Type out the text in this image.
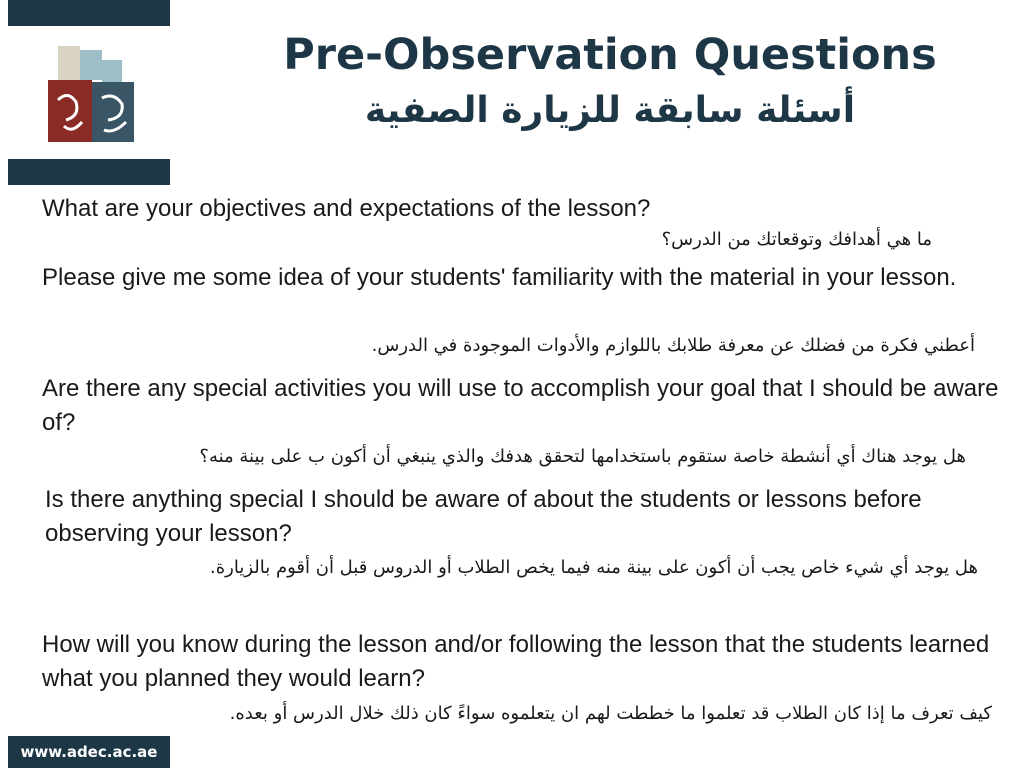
Pre-Observation Questions
أسئلة سابقة للزيارة الصفية
What are your objectives and expectations of the lesson?
ما هي أهدافك وتوقعاتك من الدرس؟
Please give me some idea of your students' familiarity with the material in your lesson.
أعطني فكرة من فضلك عن معرفة طلابك باللوازم والأدوات الموجودة في الدرس.
Are there any special activities you will use to accomplish your goal that I should be aware of?
هل يوجد هناك أي أنشطة خاصة ستقوم باستخدامها لتحقق هدفك والذي ينبغي أن أكون ب على بينة منه؟
Is there anything special I should be aware of about the students or lessons before observing your lesson?
هل يوجد أي شيء خاص يجب أن أكون على بينة منه فيما يخص الطلاب أو الدروس قبل أن أقوم بالزيارة.
How will you know during the lesson and/or following the lesson that the students learned what you planned they would learn?
كيف تعرف ما إذا كان الطلاب قد تعلموا ما خططت لهم ان يتعلموه سواءً كان ذلك خلال الدرس أو بعده.
www.adec.ac.ae
